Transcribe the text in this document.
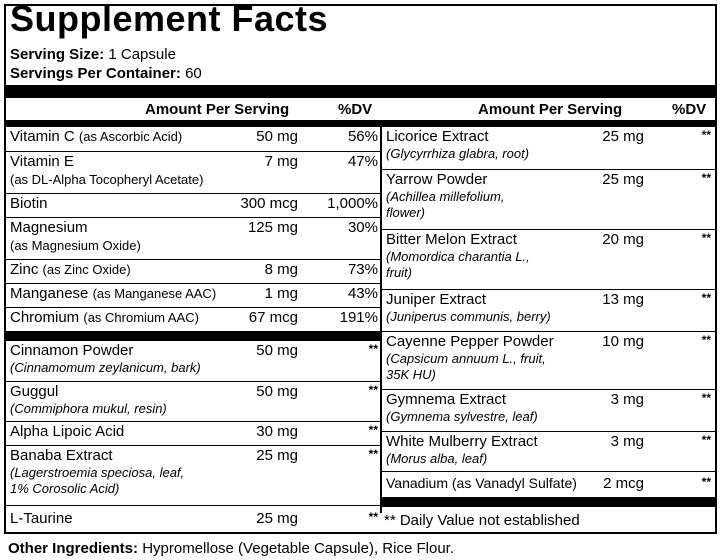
Supplement Facts
Serving Size: 1 Capsule
Servings Per Container: 60
Amount Per Serving	%DV	Amount Per Serving	%DV
Vitamin C (as Ascorbic Acid)	50 mg	56%
Vitamin E
(as DL-Alpha Tocopheryl Acetate)
7 mg	47%
Biotin	300 mcg 1,000%
Magnesium
(as Magnesium Oxide)
125 mg	30%
Zinc (as Zinc Oxide)	8 mg	73%
Manganese (as Manganese AAC)	1 mg	43%
Chromium (as Chromium AAC)	67 mcg	191%
Cinnamon Powder
(Cinnamomum zeylanicum, bark)
50 mg	**
Guggul
(Commiphora mukul, resin)
50 mg	**
Alpha Lipoic Acid	30 mg	**
Banaba Extract
(Lagerstroemia speciosa, leaf,
1% Corosolic Acid)
25 mg	**
L-Taurine	25 mg	**
Licorice Extract
(Glycyrrhiza glabra, root)
25 mg	**
Yarrow Powder
(Achillea millefolium,
flower)
25 mg	**
Bitter Melon Extract
(Momordica charantia L.,
fruit)
20 mg	**
Juniper Extract
(Juniperus communis, berry)
13 mg	**
Cayenne Pepper Powder
(Capsicum annuum L., fruit,
35K HU)
10 mg	**
Gymnema Extract
(Gymnema sylvestre, leaf)
3 mg	**
White Mulberry Extract
(Morus alba, leaf)
3 mg	**
Vanadium (as Vanadyl Sulfate) 2 mcg	**
** Daily Value not established
Other Ingredients: Hypromellose (Vegetable Capsule), Rice Flour.
